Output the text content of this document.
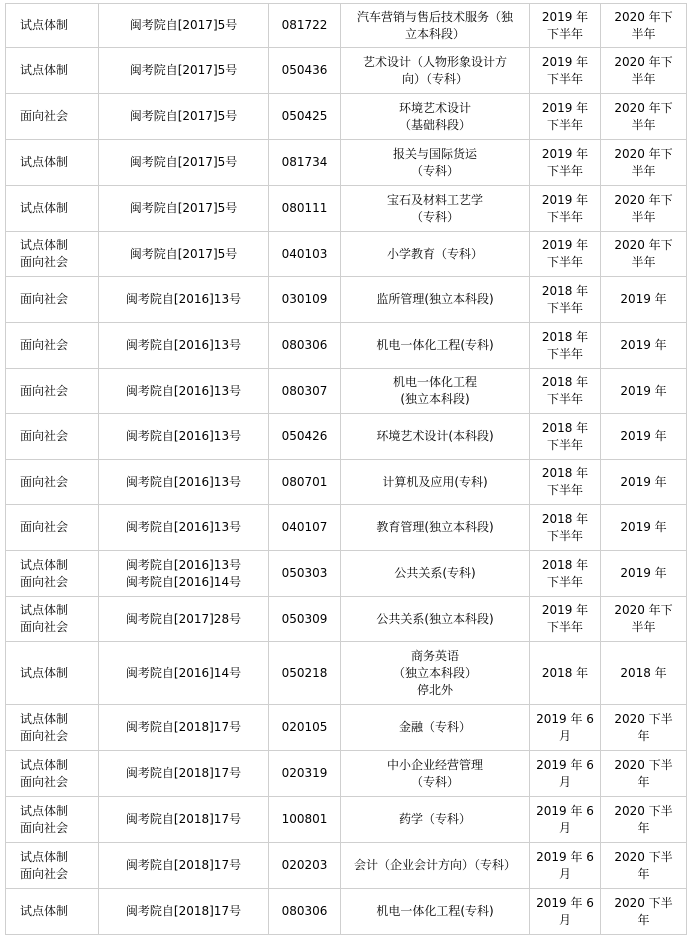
试点体制	闽考院自[2017]5号	081722	汽车营销与售后技术服务（独
立本科段）	2019 年
下半年	2020 年下
半年

试点体制	闽考院自[2017]5号	050436	艺术设计（人物形象设计方
向）（专科）	2019 年
下半年	2020 年下
半年

面向社会	闽考院自[2017]5号	050425	环境艺术设计
（基础科段）	2019 年
下半年	2020 年下
半年

试点体制	闽考院自[2017]5号	081734	报关与国际货运
（专科）	2019 年
下半年	2020 年下
半年

试点体制	闽考院自[2017]5号	080111	宝石及材料工艺学
（专科）	2019 年
下半年	2020 年下
半年

试点体制
面向社会	闽考院自[2017]5号	040103	小学教育（专科）	2019 年
下半年	2020 年下
半年

面向社会	闽考院自[2016]13号	030109	监所管理(独立本科段)	2018 年
下半年	2019 年

面向社会	闽考院自[2016]13号	080306	机电一体化工程(专科)	2018 年
下半年	2019 年

面向社会	闽考院自[2016]13号	080307	机电一体化工程
(独立本科段)	2018 年
下半年	2019 年

面向社会	闽考院自[2016]13号	050426	环境艺术设计(本科段)	2018 年
下半年	2019 年

面向社会	闽考院自[2016]13号	080701	计算机及应用(专科)	2018 年
下半年	2019 年

面向社会	闽考院自[2016]13号	040107	教育管理(独立本科段)	2018 年
下半年	2019 年

试点体制
面向社会	闽考院自[2016]13号
闽考院自[2016]14号	050303	公共关系(专科)	2018 年
下半年	2019 年

试点体制
面向社会	闽考院自[2017]28号	050309	公共关系(独立本科段)	2019 年
下半年	2020 年下
半年

试点体制	闽考院自[2016]14号	050218	商务英语
（独立本科段）
停北外	2018 年	2018 年

试点体制
面向社会	闽考院自[2018]17号	020105	金融（专科）	2019 年 6
月	2020 下半
年

试点体制
面向社会	闽考院自[2018]17号	020319	中小企业经营管理
（专科）	2019 年 6
月	2020 下半
年

试点体制
面向社会	闽考院自[2018]17号	100801	药学（专科）	2019 年 6
月	2020 下半
年

试点体制
面向社会	闽考院自[2018]17号	020203	会计（企业会计方向）（专科）	2019 年 6
月	2020 下半
年

试点体制	闽考院自[2018]17号	080306	机电一体化工程(专科)	2019 年 6
月	2020 下半
年
